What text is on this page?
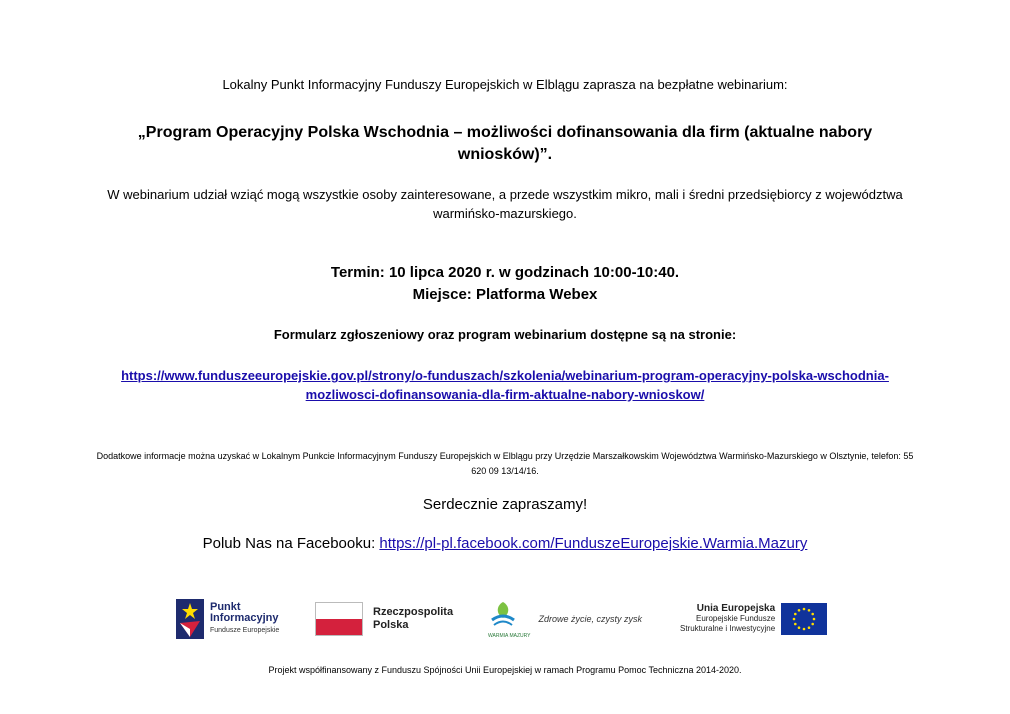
Lokalny Punkt Informacyjny Funduszy Europejskich w Elblągu zaprasza na bezpłatne webinarium:
„Program Operacyjny Polska Wschodnia – możliwości dofinansowania dla firm (aktualne nabory wniosków)”.
W webinarium udział wziąć mogą wszystkie osoby zainteresowane, a przede wszystkim mikro, mali i średni przedsiębiorcy z województwa warmińsko-mazurskiego.
Termin: 10 lipca 2020 r. w godzinach 10:00-10:40.
Miejsce: Platforma Webex
Formularz zgłoszeniowy oraz program webinarium dostępne są na stronie:
https://www.funduszeeuropejskie.gov.pl/strony/o-funduszach/szkolenia/webinarium-program-operacyjny-polska-wschodnia-mozliwosci-dofinansowania-dla-firm-aktualne-nabory-wnioskow/
Dodatkowe informacje można uzyskać w Lokalnym Punkcie Informacyjnym Funduszy Europejskich w Elblągu przy Urzędzie Marszałkowskim Województwa Warmińsko-Mazurskiego w Olsztynie, telefon: 55 620 09 13/14/16.
Serdecznie zapraszamy!
Polub Nas na Facebooku: https://pl-pl.facebook.com/FunduszeEuropejskie.Warmia.Mazury
Punkt
Informacyjny
Fundusze Europejskie
Rzeczpospolita
Polska
WARMIA MAZURY
Zdrowe życie, czysty zysk
Unia Europejska
Europejskie Fundusze
Strukturalne i Inwestycyjne
Projekt współfinansowany z Funduszu Spójności Unii Europejskiej w ramach Programu Pomoc Techniczna 2014-2020.
